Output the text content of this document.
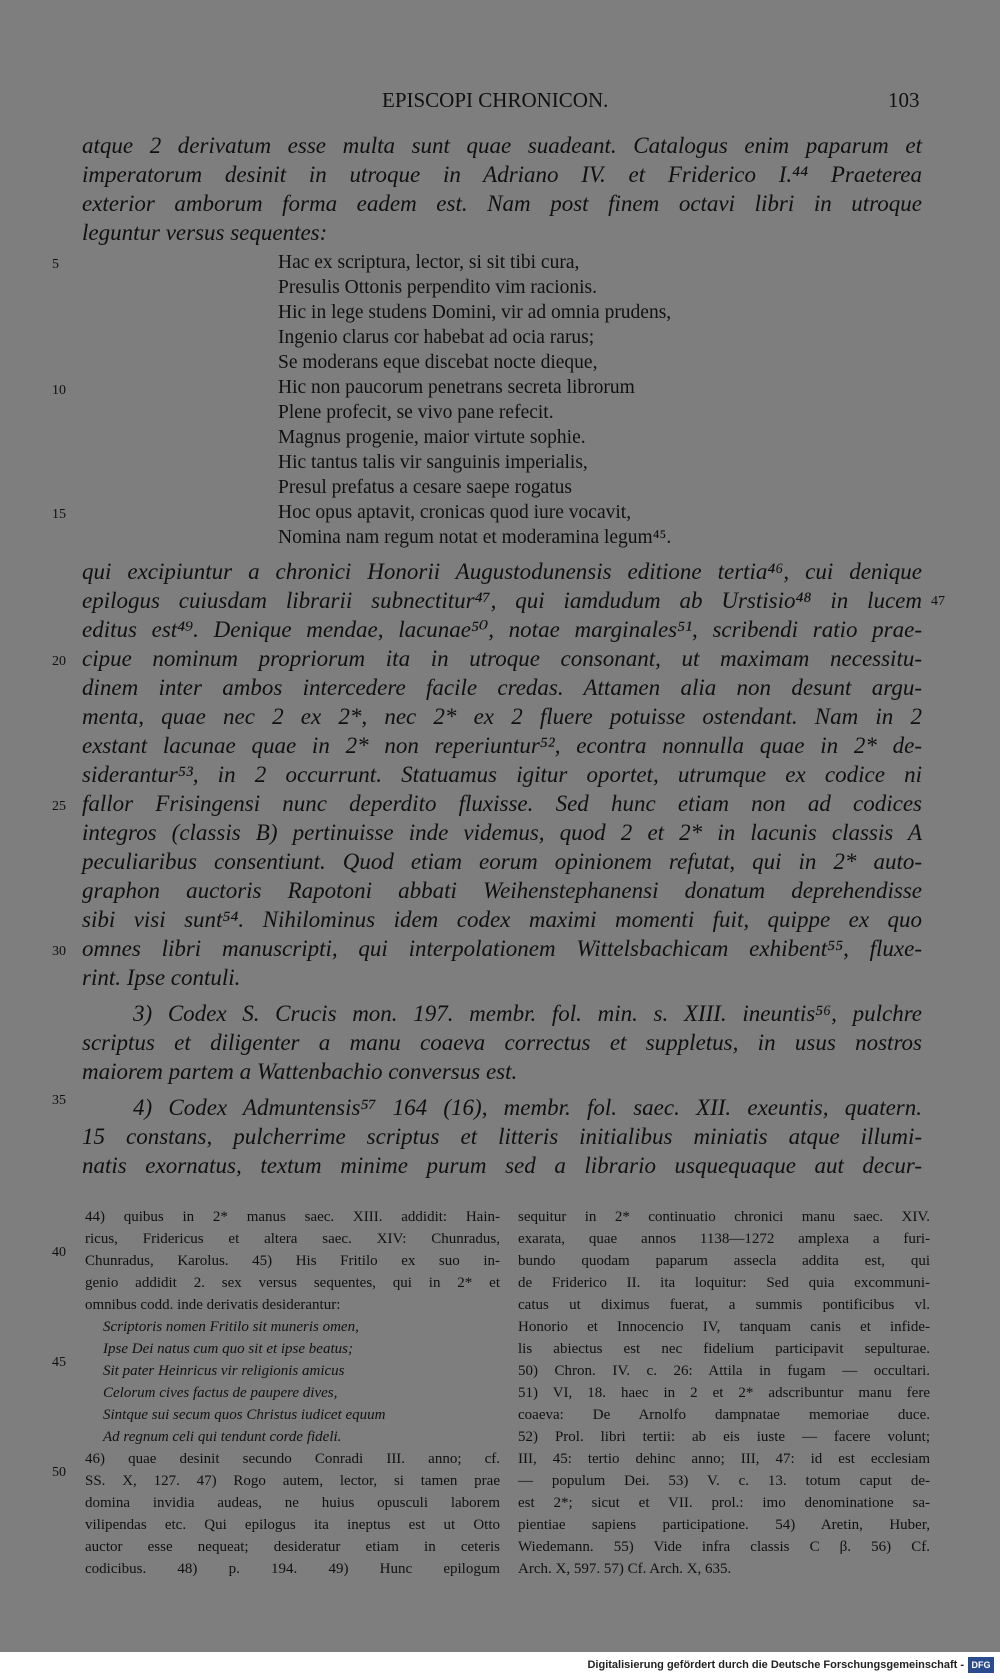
EPISCOPI CHRONICON.	103
atque 2 derivatum esse multa sunt quae suadeant. Catalogus enim paparum et
imperatorum desinit in utroque in Adriano IV. et Friderico I.⁴⁴ Praeterea
exterior amborum forma eadem est. Nam post finem octavi libri in utroque
leguntur versus sequentes:
Hac ex scriptura, lector, si sit tibi cura,
Presulis Ottonis perpendito vim racionis.
Hic in lege studens Domini, vir ad omnia prudens,
Ingenio clarus cor habebat ad ocia rarus;
Se moderans eque discebat nocte dieque,
Hic non paucorum penetrans secreta librorum
Plene profecit, se vivo pane refecit.
Magnus progenie, maior virtute sophie.
Hic tantus talis vir sanguinis imperialis,
Presul prefatus a cesare saepe rogatus
Hoc opus aptavit, cronicas quod iure vocavit,
Nomina nam regum notat et moderamina legum⁴⁵.
qui excipiuntur a chronici Honorii Augustodunensis editione tertia⁴⁶, cui denique
epilogus cuiusdam librarii subnectitur⁴⁷, qui iamdudum ab Urstisio⁴⁸ in lucem
editus est⁴⁹. Denique mendae, lacunae⁵⁰, notae marginales⁵¹, scribendi ratio prae-
cipue nominum propriorum ita in utroque consonant, ut maximam necessitu-
dinem inter ambos intercedere facile credas. Attamen alia non desunt argu-
menta, quae nec 2 ex 2*, nec 2* ex 2 fluere potuisse ostendant. Nam in 2
exstant lacunae quae in 2* non reperiuntur⁵², econtra nonnulla quae in 2* de-
siderantur⁵³, in 2 occurrunt. Statuamus igitur oportet, utrumque ex codice ni
fallor Frisingensi nunc deperdito fluxisse. Sed hunc etiam non ad codices
integros (classis B) pertinuisse inde videmus, quod 2 et 2* in lacunis classis A
peculiaribus consentiunt. Quod etiam eorum opinionem refutat, qui in 2* auto-
graphon auctoris Rapotoni abbati Weihenstephanensi donatum deprehendisse
sibi visi sunt⁵⁴. Nihilominus idem codex maximi momenti fuit, quippe ex quo
omnes libri manuscripti, qui interpolationem Wittelsbachicam exhibent⁵⁵, fluxe-
rint. Ipse contuli.
3) Codex S. Crucis mon. 197. membr. fol. min. s. XIII. ineuntis⁵⁶, pulchre
scriptus et diligenter a manu coaeva correctus et suppletus, in usus nostros
maiorem partem a Wattenbachio conversus est.
4) Codex Admuntensis⁵⁷ 164 (16), membr. fol. saec. XII. exeuntis, quatern.
15 constans, pulcherrime scriptus et litteris initialibus miniatis atque illumi-
natis exornatus, textum minime purum sed a librario usquequaque aut decur-
5
10
15
20
25
30
35
40
45
50
47
44) quibus in 2* manus saec. XIII. addidit: Hain-
ricus, Fridericus et altera saec. XIV: Chunradus,
Chunradus, Karolus. 45) His Fritilo ex suo in-
genio addidit 2. sex versus sequentes, qui in 2* et
omnibus codd. inde derivatis desiderantur:
Scriptoris nomen Fritilo sit muneris omen,
Ipse Dei natus cum quo sit et ipse beatus;
Sit pater Heinricus vir religionis amicus
Celorum cives factus de paupere dives,
Sintque sui secum quos Christus iudicet equum
Ad regnum celi qui tendunt corde fideli.
46) quae desinit secundo Conradi III. anno; cf.
SS. X, 127. 47) Rogo autem, lector, si tamen prae
domina invidia audeas, ne huius opusculi laborem
vilipendas etc. Qui epilogus ita ineptus est ut Otto
auctor esse nequeat; desideratur etiam in ceteris
codicibus. 48) p. 194. 49) Hunc epilogum
sequitur in 2* continuatio chronici manu saec. XIV.
exarata, quae annos 1138—1272 amplexa a furi-
bundo quodam paparum assecla addita est, qui
de Friderico II. ita loquitur: Sed quia excommuni-
catus ut diximus fuerat, a summis pontificibus vl.
Honorio et Innocencio IV, tanquam canis et infide-
lis abiectus est nec fidelium participavit sepulturae.
50) Chron. IV. c. 26: Attila in fugam — occultari.
51) VI, 18. haec in 2 et 2* adscribuntur manu fere
coaeva: De Arnolfo dampnatae memoriae duce.
52) Prol. libri tertii: ab eis iuste — facere volunt;
III, 45: tertio dehinc anno; III, 47: id est ecclesiam
— populum Dei. 53) V. c. 13. totum caput de-
est 2*; sicut et VII. prol.: imo denominatione sa-
pientiae sapiens participatione. 54) Aretin, Huber,
Wiedemann. 55) Vide infra classis C β. 56) Cf.
Arch. X, 597. 57) Cf. Arch. X, 635.
Digitalisierung gefördert durch die Deutsche Forschungsgemeinschaft - DFG
